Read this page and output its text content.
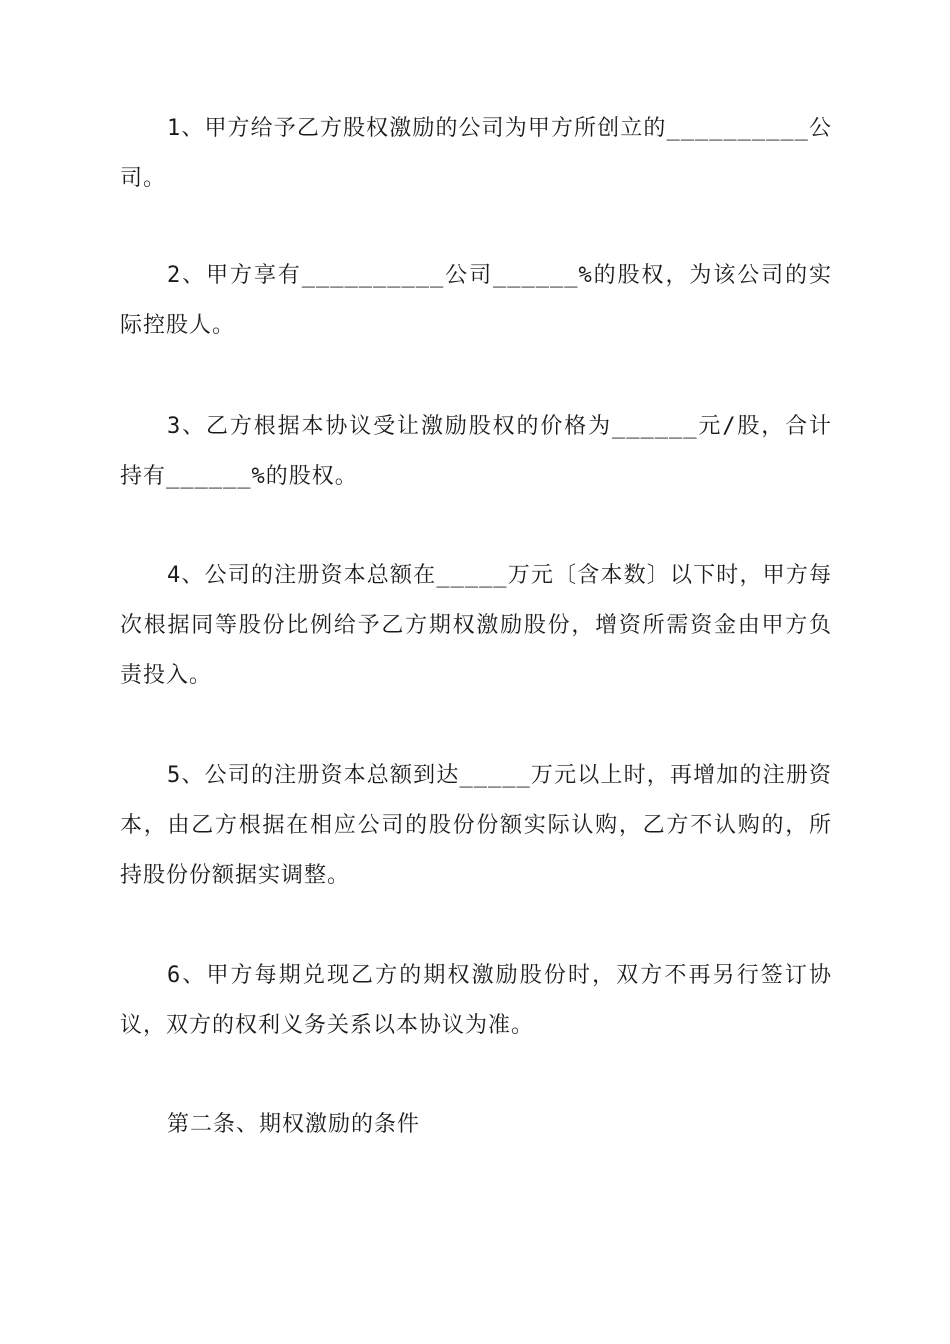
1、甲方给予乙方股权激励的公司为甲方所创立的__________公司。

2、甲方享有__________公司______%的股权，为该公司的实际控股人。

3、乙方根据本协议受让激励股权的价格为______元/股，合计持有______%的股权。

4、公司的注册资本总额在_____万元〔含本数〕以下时，甲方每次根据同等股份比例给予乙方期权激励股份，增资所需资金由甲方负责投入。

5、公司的注册资本总额到达_____万元以上时，再增加的注册资本，由乙方根据在相应公司的股份份额实际认购，乙方不认购的，所持股份份额据实调整。

6、甲方每期兑现乙方的期权激励股份时，双方不再另行签订协议，双方的权利义务关系以本协议为准。

第二条、期权激励的条件
